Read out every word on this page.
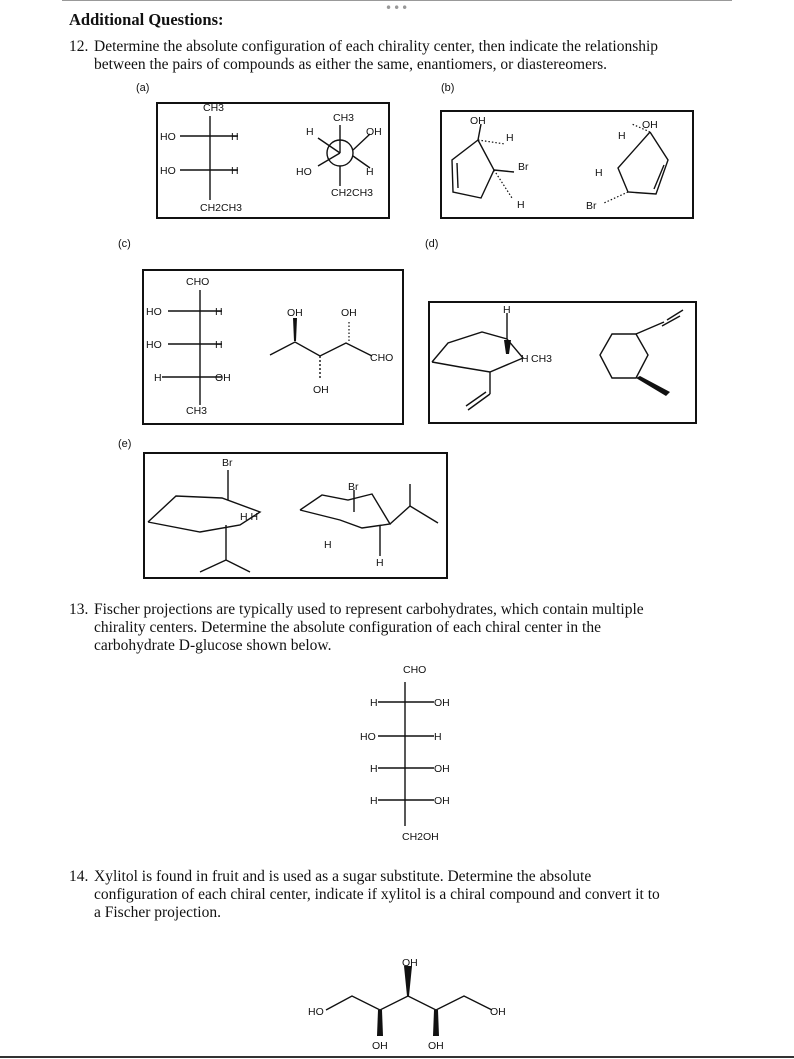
•••
Additional Questions:
12. Determine the absolute configuration of each chirality center, then indicate the relationship
between the pairs of compounds as either the same, enantiomers, or diastereomers.
(a)	(b)
(c)	(d)
(e)
CH3
HO	H
HO	H
CH2CH3
CH3
H	OH
HO	H
CH2CH3
OH
H
Br
H
OH
H
H
Br
CHO
HO	H
HO	H
H	OH
CH3
OH	OH
CHO
OH
H
H CH3
Br
H H
Br
H
H
CHO
H	OH
HO	H
H	OH
H	OH
CH2OH
OH
HO	OH
OH	OH
13. Fischer projections are typically used to represent carbohydrates, which contain multiple
chirality centers. Determine the absolute configuration of each chiral center in the
carbohydrate D-glucose shown below.
14. Xylitol is found in fruit and is used as a sugar substitute. Determine the absolute
configuration of each chiral center, indicate if xylitol is a chiral compound and convert it to
a Fischer projection.
